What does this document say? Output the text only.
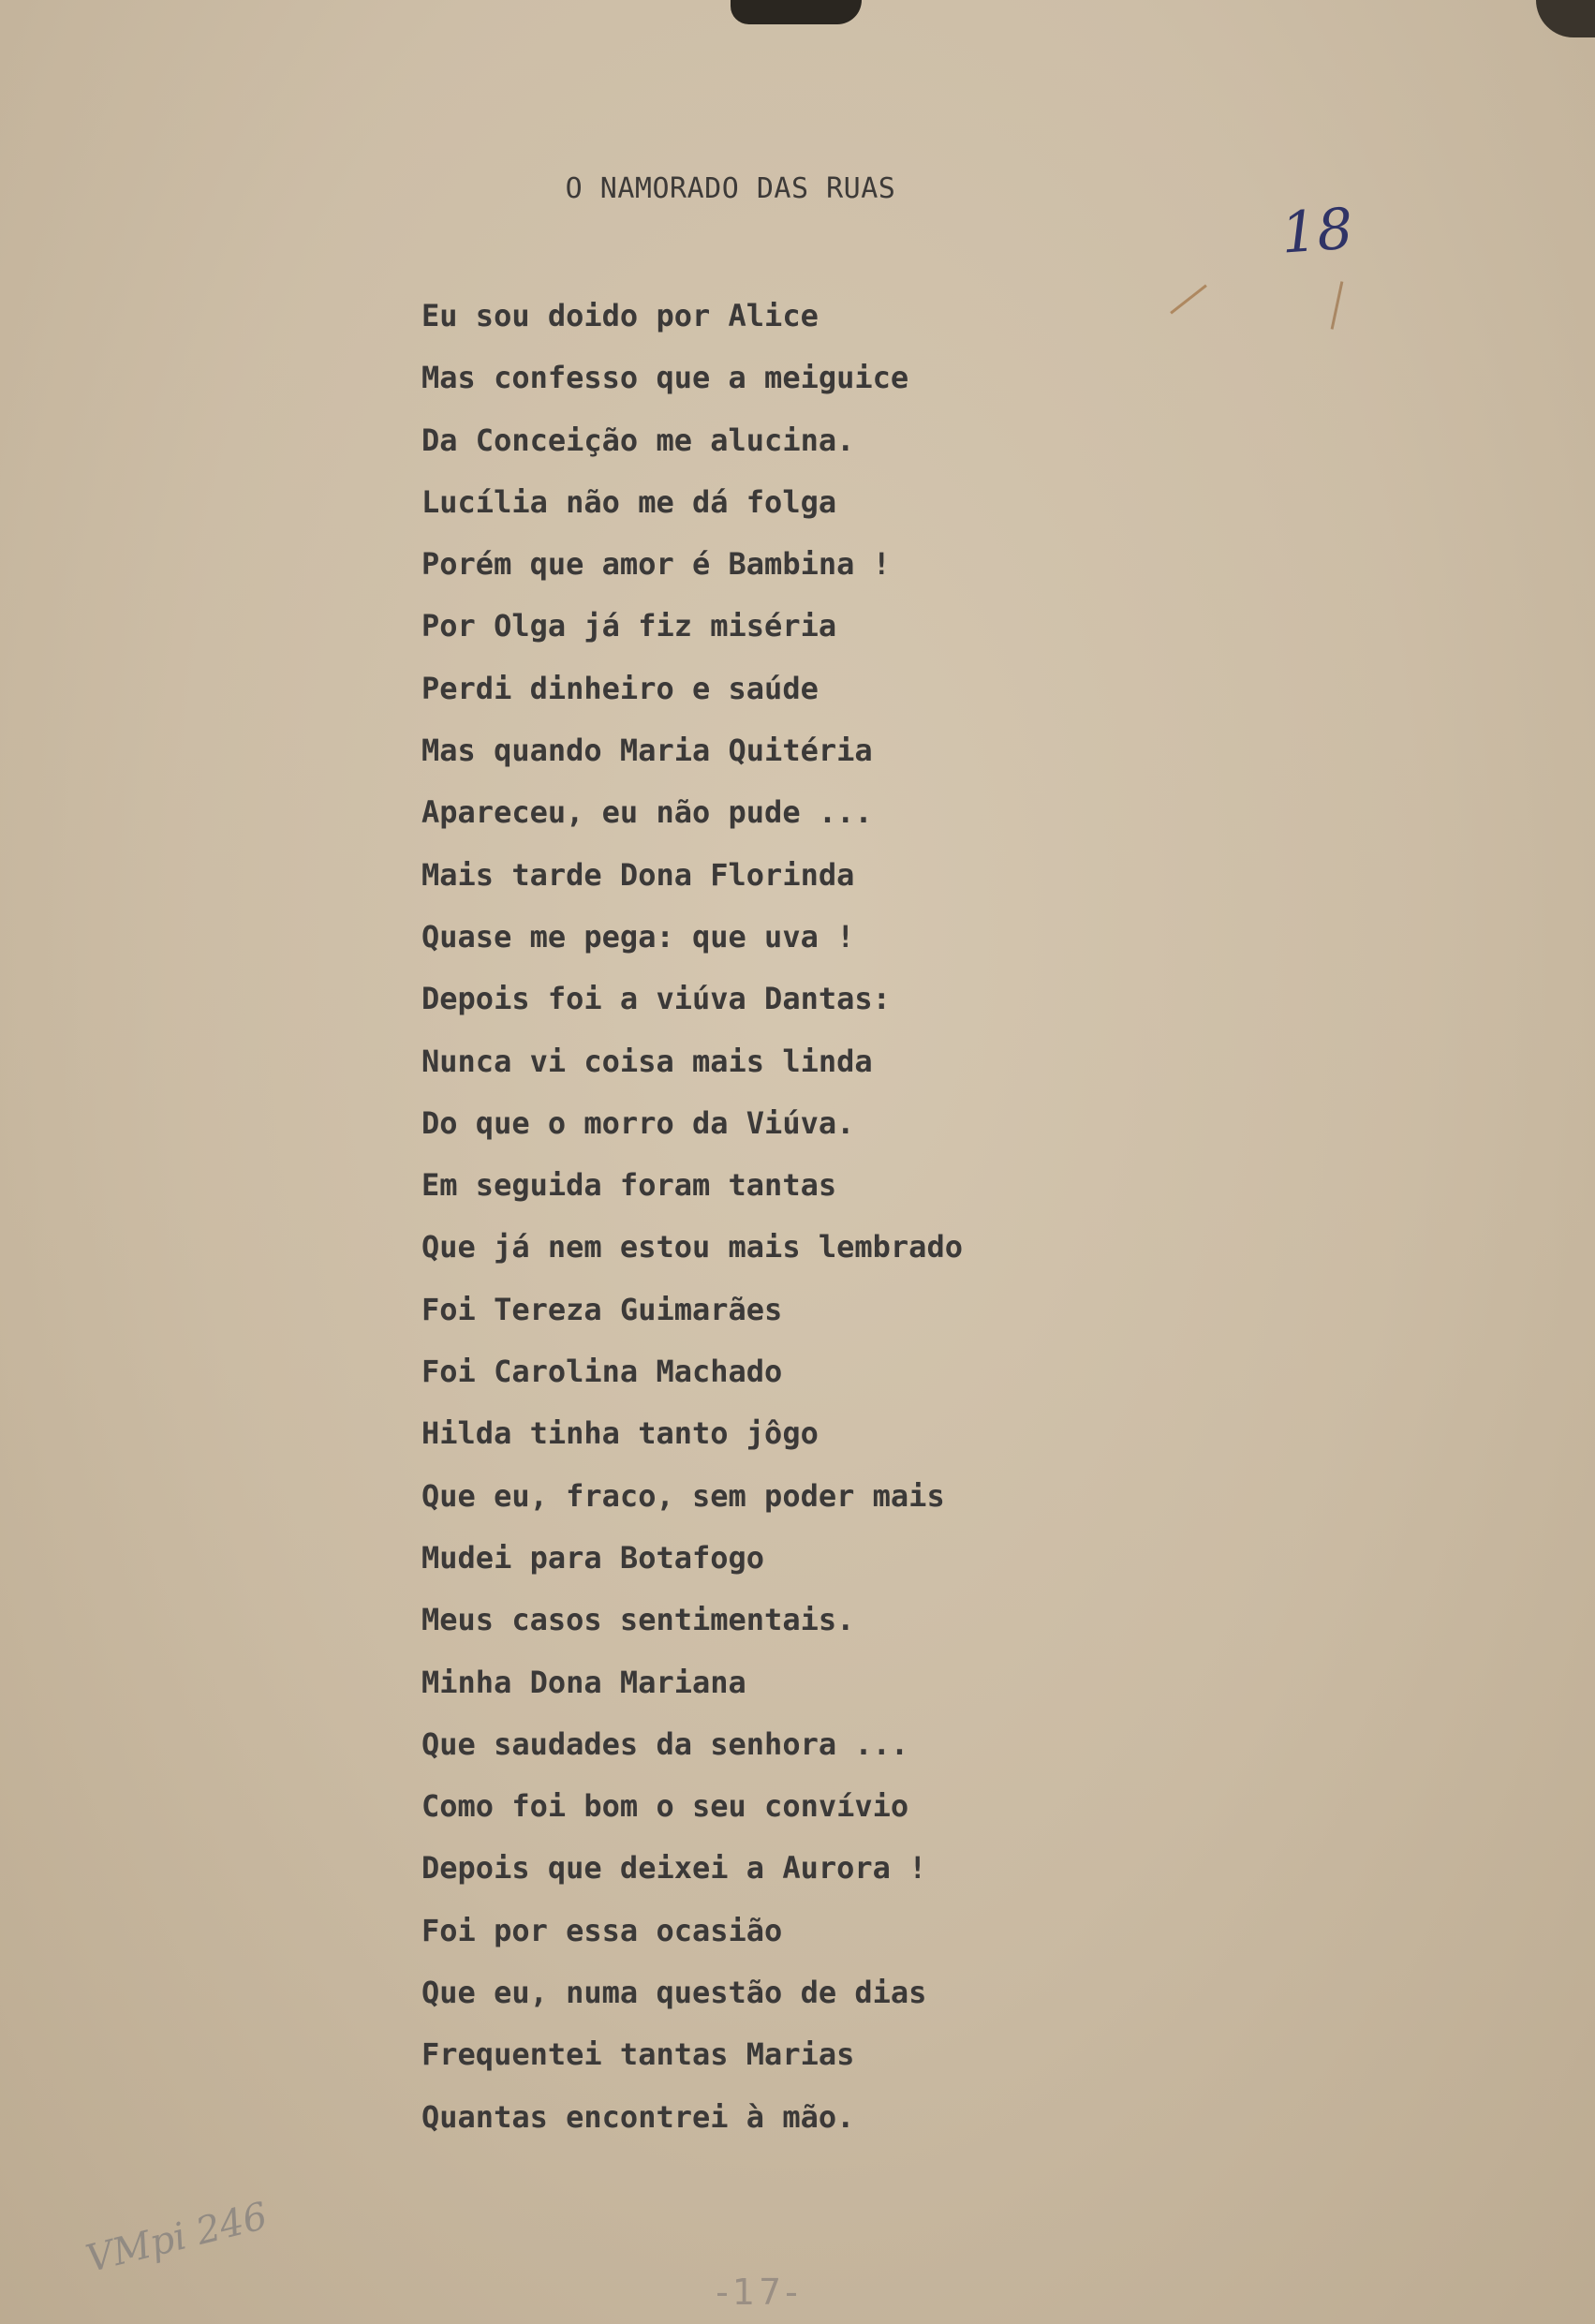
O NAMORADO DAS RUAS
18
Eu sou doido por Alice
Mas confesso que a meiguice
Da Conceição me alucina.
Lucília não me dá folga
Porém que amor é Bambina !
Por Olga já fiz miséria
Perdi dinheiro e saúde
Mas quando Maria Quitéria
Apareceu, eu não pude ...
Mais tarde Dona Florinda
Quase me pega: que uva !
Depois foi a viúva Dantas:
Nunca vi coisa mais linda
Do que o morro da Viúva.
Em seguida foram tantas
Que já nem estou mais lembrado
Foi Tereza Guimarães
Foi Carolina Machado
Hilda tinha tanto jôgo
Que eu, fraco, sem poder mais
Mudei para Botafogo
Meus casos sentimentais.
Minha Dona Mariana
Que saudades da senhora ...
Como foi bom o seu convívio
Depois que deixei a Aurora !
Foi por essa ocasião
Que eu, numa questão de dias
Frequentei tantas Marias
Quantas encontrei à mão.
VMpi 246
-17-
